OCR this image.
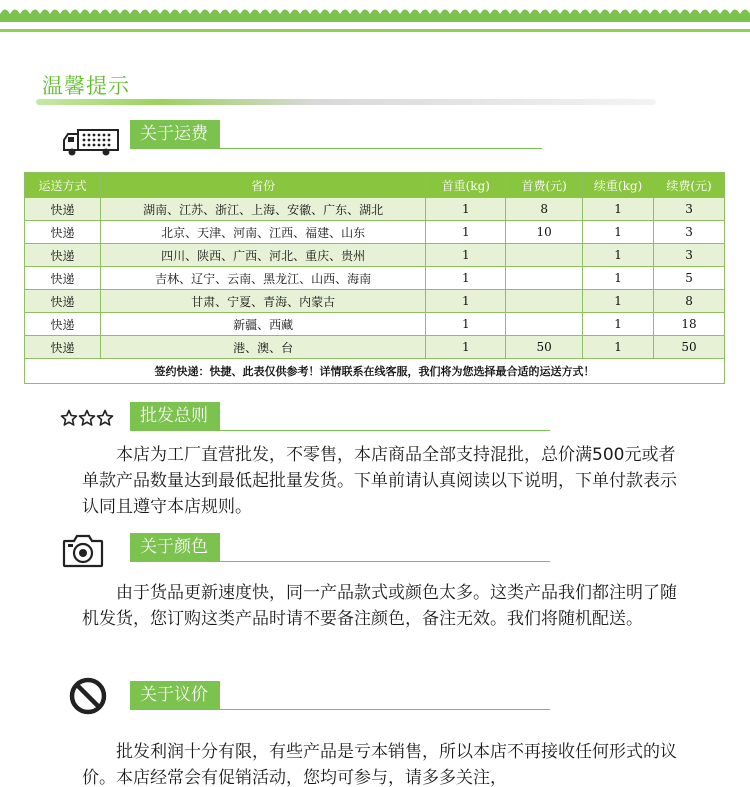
温馨提示
关于运费
运送方式	省份	首重(kg)	首费(元)	续重(kg)	续费(元)
快递	湖南、江苏、浙江、上海、安徽、广东、湖北	1	8	1	3
快递	北京、天津、河南、江西、福建、山东	1	10	1	3
快递	四川、陕西、广西、河北、重庆、贵州	1		1	3
快递	吉林、辽宁、云南、黑龙江、山西、海南	1		1	5
快递	甘肃、宁夏、青海、内蒙古	1		1	8
快递	新疆、西藏	1		1	18
快递	港、澳、台	1	50	1	50
签约快递：快捷、此表仅供参考！详情联系在线客服，我们将为您选择最合适的运送方式！					
批发总则
本店为工厂直营批发，不零售，本店商品全部支持混批，总价满500元或者单款产品数量达到最低起批量发货。下单前请认真阅读以下说明，下单付款表示认同且遵守本店规则。
关于颜色
由于货品更新速度快，同一产品款式或颜色太多。这类产品我们都注明了随机发货，您订购这类产品时请不要备注颜色，备注无效。我们将随机配送。
关于议价
批发利润十分有限，有些产品是亏本销售，所以本店不再接收任何形式的议价。本店经常会有促销活动，您均可参与，请多多关注，
